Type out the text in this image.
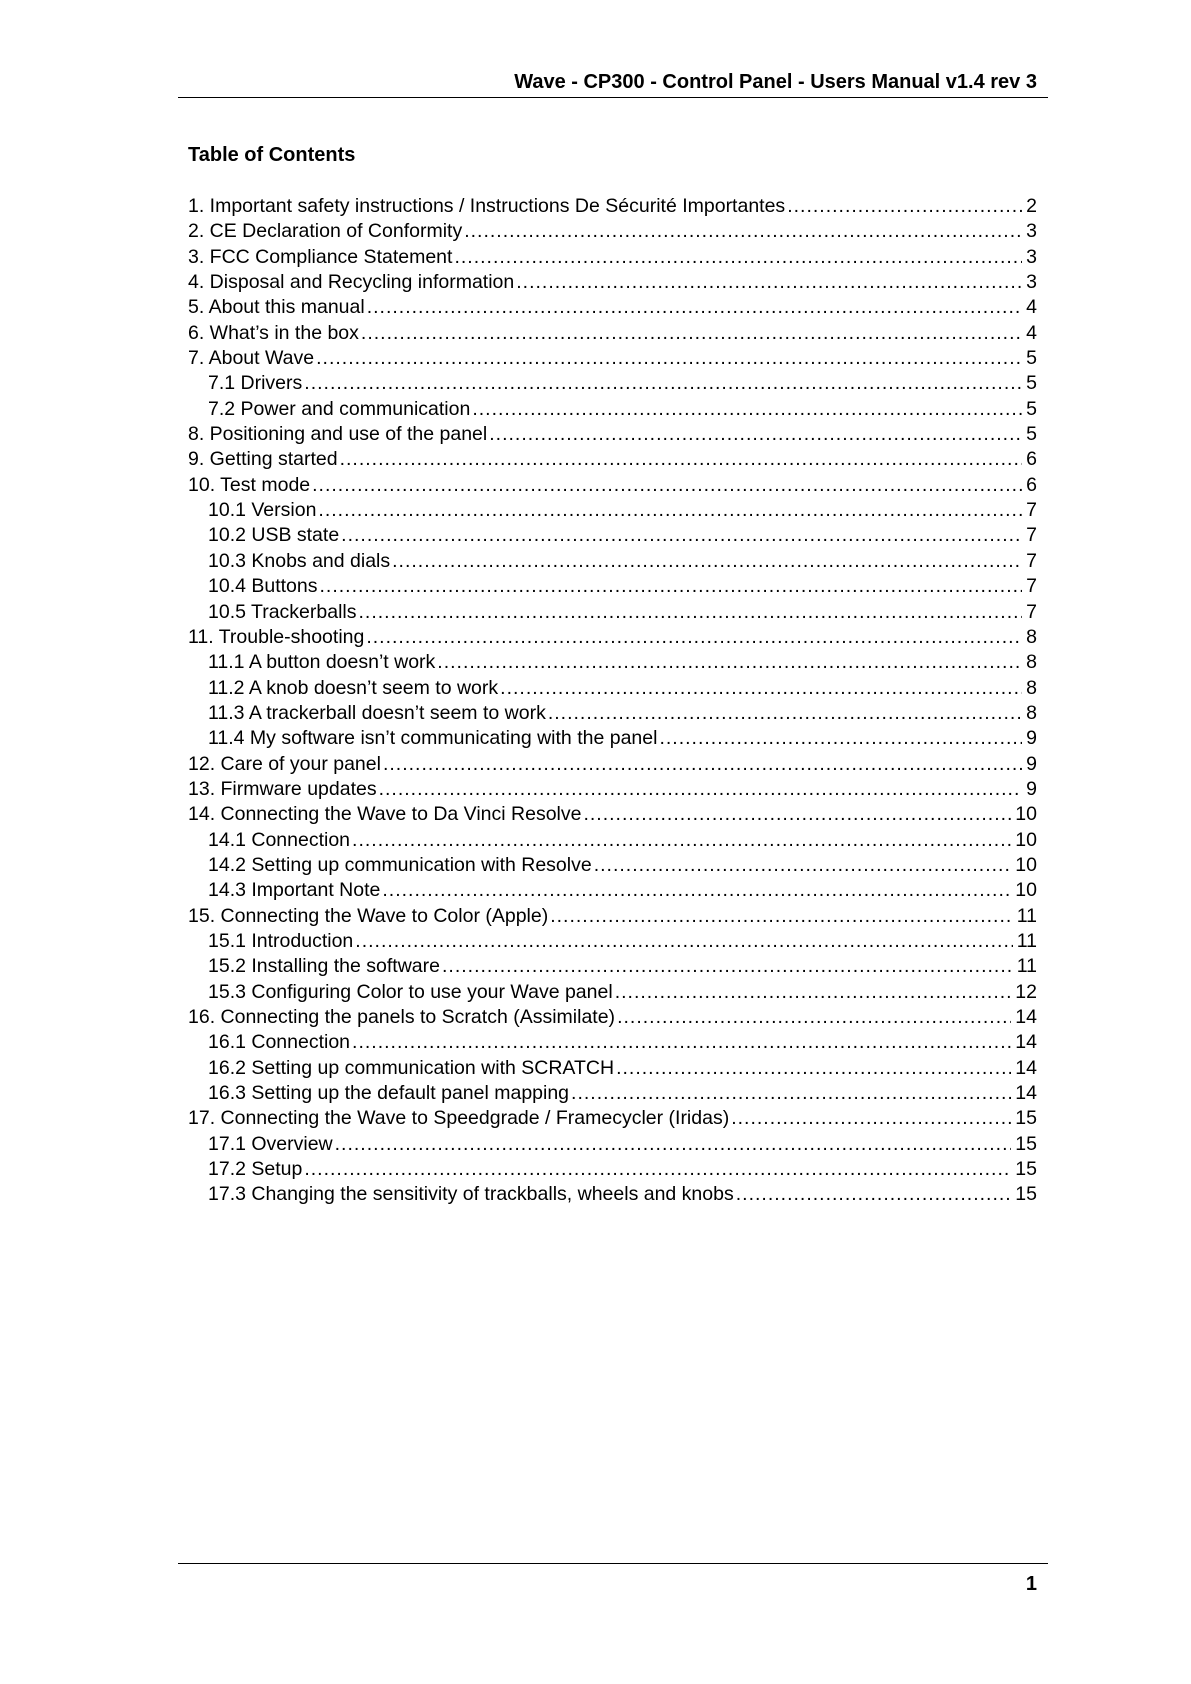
Wave - CP300 - Control Panel - Users Manual v1.4 rev 3
Table of Contents
1. Important safety instructions / Instructions De Sécurité Importantes .....	2
2. CE Declaration of Conformity .....	3
3. FCC Compliance Statement .....	3
4. Disposal and Recycling information .....	3
5. About this manual .....	4
6. What’s in the box .....	4
7. About Wave .....	5
7.1 Drivers .....	5
7.2 Power and communication .....	5
8. Positioning and use of the panel .....	5
9. Getting started .....	6
10. Test mode .....	6
10.1 Version .....	7
10.2 USB state .....	7
10.3 Knobs and dials .....	7
10.4 Buttons .....	7
10.5 Trackerballs .....	7
11. Trouble-shooting .....	8
11.1 A button doesn’t work .....	8
11.2 A knob doesn’t seem to work .....	8
11.3 A trackerball doesn’t seem to work .....	8
11.4 My software isn’t communicating with the panel .....	9
12. Care of your panel .....	9
13. Firmware updates .....	9
14. Connecting the Wave to Da Vinci Resolve .....	10
14.1 Connection .....	10
14.2 Setting up communication with Resolve .....	10
14.3 Important Note .....	10
15. Connecting the Wave to Color (Apple) .....	11
15.1 Introduction .....	11
15.2 Installing the software .....	11
15.3 Configuring Color to use your Wave panel .....	12
16. Connecting the panels to Scratch (Assimilate) .....	14
16.1 Connection .....	14
16.2 Setting up communication with SCRATCH .....	14
16.3 Setting up the default panel mapping .....	14
17. Connecting the Wave to Speedgrade / Framecycler (Iridas) .....	15
17.1 Overview .....	15
17.2 Setup .....	15
17.3 Changing the sensitivity of trackballs, wheels and knobs .....	15
1
